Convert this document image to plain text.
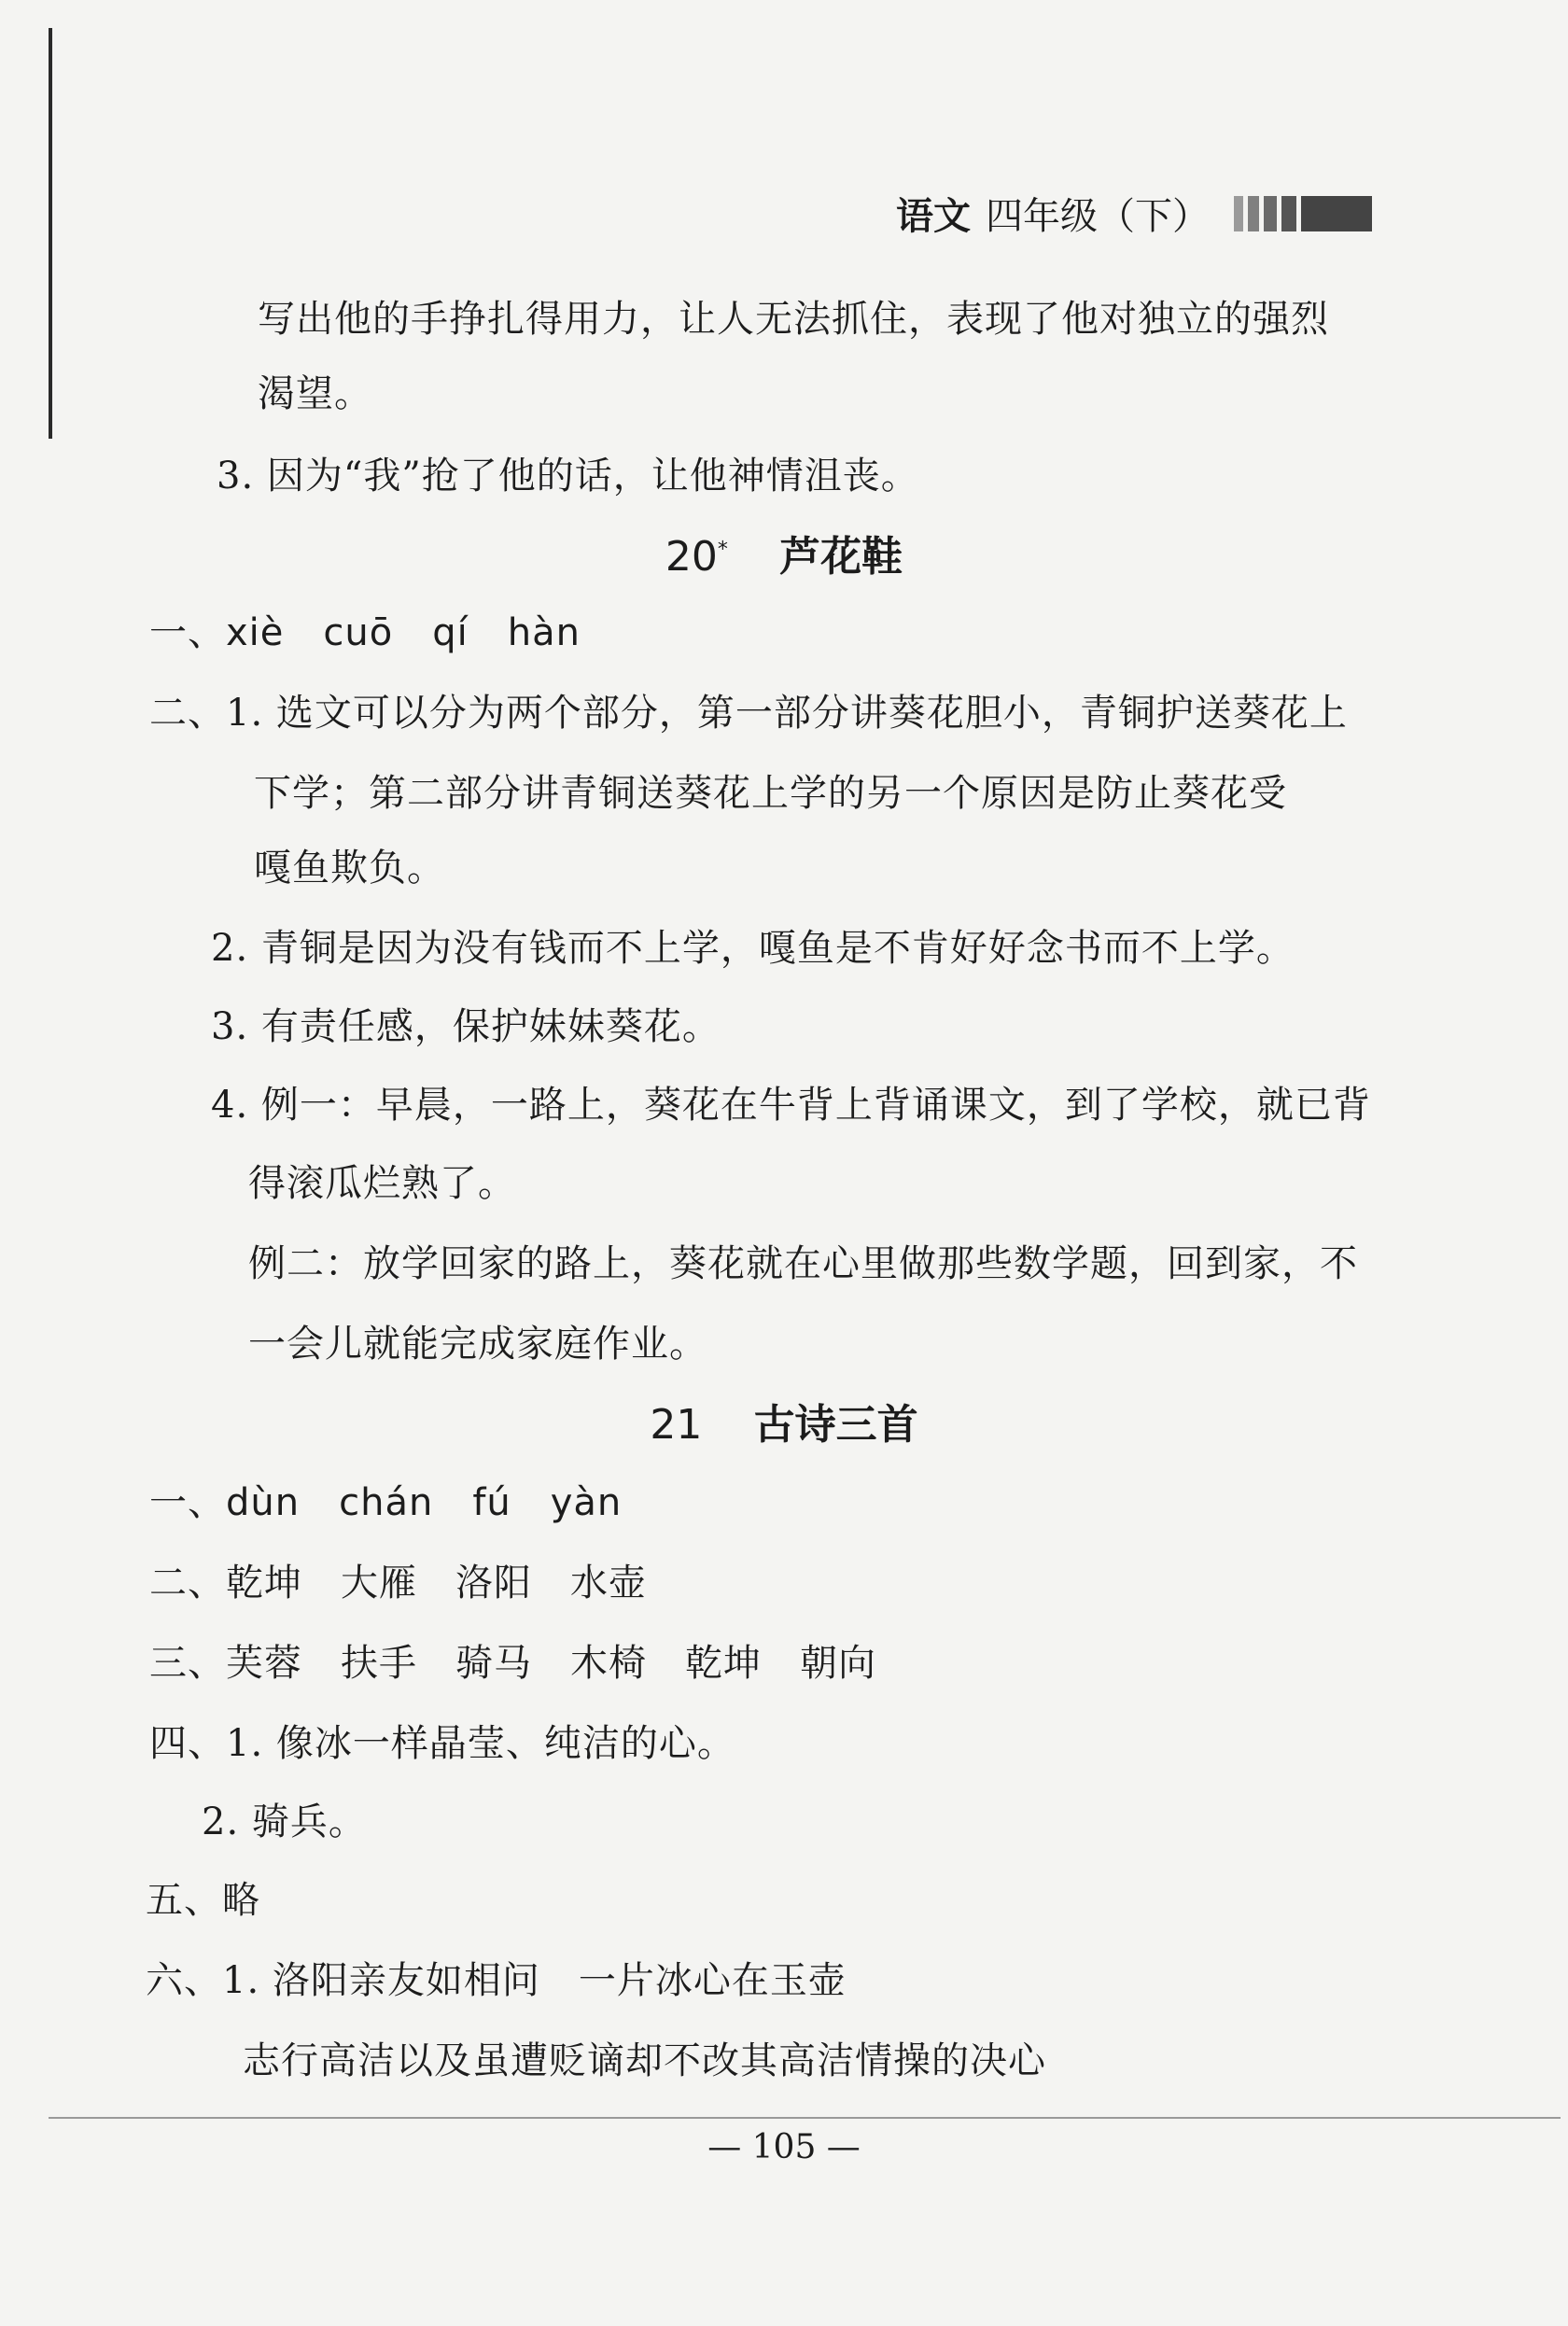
语文 四年级（下）
写出他的手挣扎得用力，让人无法抓住，表现了他对独立的强烈
渴望。
3. 因为“我”抢了他的话，让他神情沮丧。
20* 芦花鞋
一、xiè cuō qí hàn
二、1. 选文可以分为两个部分，第一部分讲葵花胆小，青铜护送葵花上
下学；第二部分讲青铜送葵花上学的另一个原因是防止葵花受
嘎鱼欺负。
2. 青铜是因为没有钱而不上学，嘎鱼是不肯好好念书而不上学。
3. 有责任感，保护妹妹葵花。
4. 例一：早晨，一路上，葵花在牛背上背诵课文，到了学校，就已背
得滚瓜烂熟了。
例二：放学回家的路上，葵花就在心里做那些数学题，回到家，不
一会儿就能完成家庭作业。
21 古诗三首
一、dùn chán fú yàn
二、乾坤　大雁　洛阳　水壶
三、芙蓉　扶手　骑马　木椅　乾坤　朝向
四、1. 像冰一样晶莹、纯洁的心。
2. 骑兵。
五、略
六、1. 洛阳亲友如相问　一片冰心在玉壶
志行高洁以及虽遭贬谪却不改其高洁情操的决心
— 105 —
